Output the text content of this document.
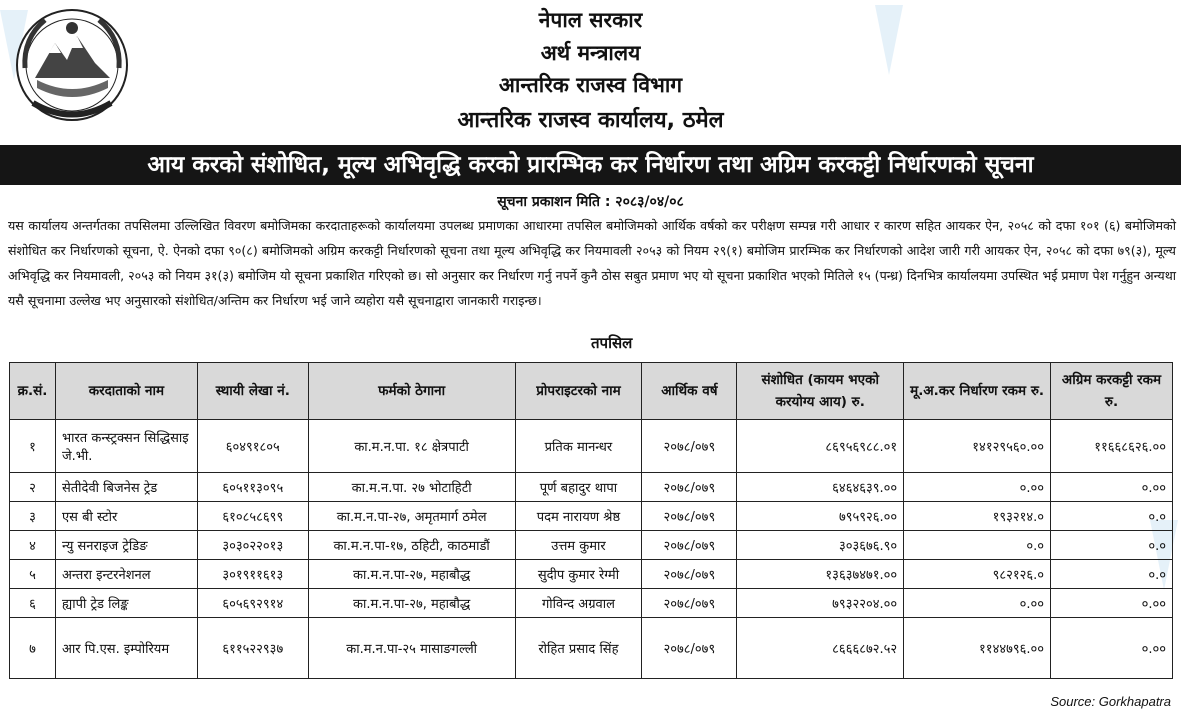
नेपाल सरकार
अर्थ मन्त्रालय
आन्तरिक राजस्व विभाग
आन्तरिक राजस्व कार्यालय, ठमेल
आय करको संशोधित, मूल्य अभिवृद्धि करको प्रारम्भिक कर निर्धारण तथा अग्रिम करकट्टी निर्धारणको सूचना
सूचना प्रकाशन मिति : २०८३/०४/०८

यस कार्यालय अन्तर्गतका तपसिलमा उल्लिखित विवरण बमोजिमका करदाताहरूको कार्यालयमा उपलब्ध प्रमाणका आधारमा तपसिल बमोजिमको आर्थिक वर्षको कर परीक्षण सम्पन्न गरी आधार र कारण सहित आयकर ऐन, २०५८ को दफा १०१ (६) बमोजिमको संशोधित कर निर्धारणको सूचना, ऐ. ऐनको दफा ९०(८) बमोजिमको अग्रिम करकट्टी निर्धारणको सूचना तथा मूल्य अभिवृद्धि कर नियमावली २०५३ को नियम २९(१) बमोजिम प्रारम्भिक कर निर्धारणको आदेश जारी गरी आयकर ऐन, २०५८ को दफा ७९(३), मूल्य अभिवृद्धि कर नियमावली, २०५३ को नियम ३१(३) बमोजिम यो सूचना प्रकाशित गरिएको छ। सो अनुसार कर निर्धारण गर्नु नपर्ने कुनै ठोस सबुत प्रमाण भए यो सूचना प्रकाशित भएको मितिले १५ (पन्ध्र) दिनभित्र कार्यालयमा उपस्थित भई प्रमाण पेश गर्नुहुन अन्यथा यसै सूचनामा उल्लेख भए अनुसारको संशोधित/अन्तिम कर निर्धारण भई जाने व्यहोरा यसै सूचनाद्वारा जानकारी गराइन्छ।

तपसिल
क्र.सं.	करदाताको नाम	स्थायी लेखा नं.	फर्मको ठेगाना	प्रोपराइटरको नाम	आर्थिक वर्ष	संशोधित (कायम भएको करयोग्य आय) रु.	मू.अ.कर निर्धारण रकम रु.	अग्रिम करकट्टी रकम रु.
१	भारत कन्स्ट्रक्सन सिद्धिसाइ जे.भी.	६०४९१८०५	का.म.न.पा. १८ क्षेत्रपाटी	प्रतिक मानन्धर	२०७८/०७९	८६९५६९८८.०१	१४१२९५६०.००	११६६८६२६.००
२	सेतीदेवी बिजनेस ट्रेड	६०५११३०९५	का.म.न.पा. २७ भोटाहिटी	पूर्ण बहादुर थापा	२०७८/०७९	६४६४६३९.००	०.००	०.००
३	एस बी स्टोर	६१०८५८६९९	का.म.न.पा-२७, अमृतमार्ग ठमेल	पदम नारायण श्रेष्ठ	२०७८/०७९	७९५९२६.००	१९३२१४.०	०.०
४	न्यु सनराइज ट्रेडिङ	३०३०२२०१३	का.म.न.पा-१७, ठहिटी, काठमाडौं	उत्तम कुमार	२०७८/०७९	३०३६७६.९०	०.०	०.०
५	अन्तरा इन्टरनेशनल	३०१९११६१३	का.म.न.पा-२७, महाबौद्ध	सुदीप कुमार रेग्मी	२०७८/०७९	१३६३७४७१.००	९८२१२६.०	०.०
६	ह्यापी ट्रेड लिङ्क	६०५६९२९१४	का.म.न.पा-२७, महाबौद्ध	गोविन्द अग्रवाल	२०७८/०७९	७९३२२०४.००	०.००	०.००
७	आर पि.एस. इम्पोरियम	६११५२२९३७	का.म.न.पा-२५ मासाङगल्ली	रोहित प्रसाद सिंह	२०७८/०७९	८६६६८७२.५२	११४४७९६.००	०.००
Source: Gorkhapatra
